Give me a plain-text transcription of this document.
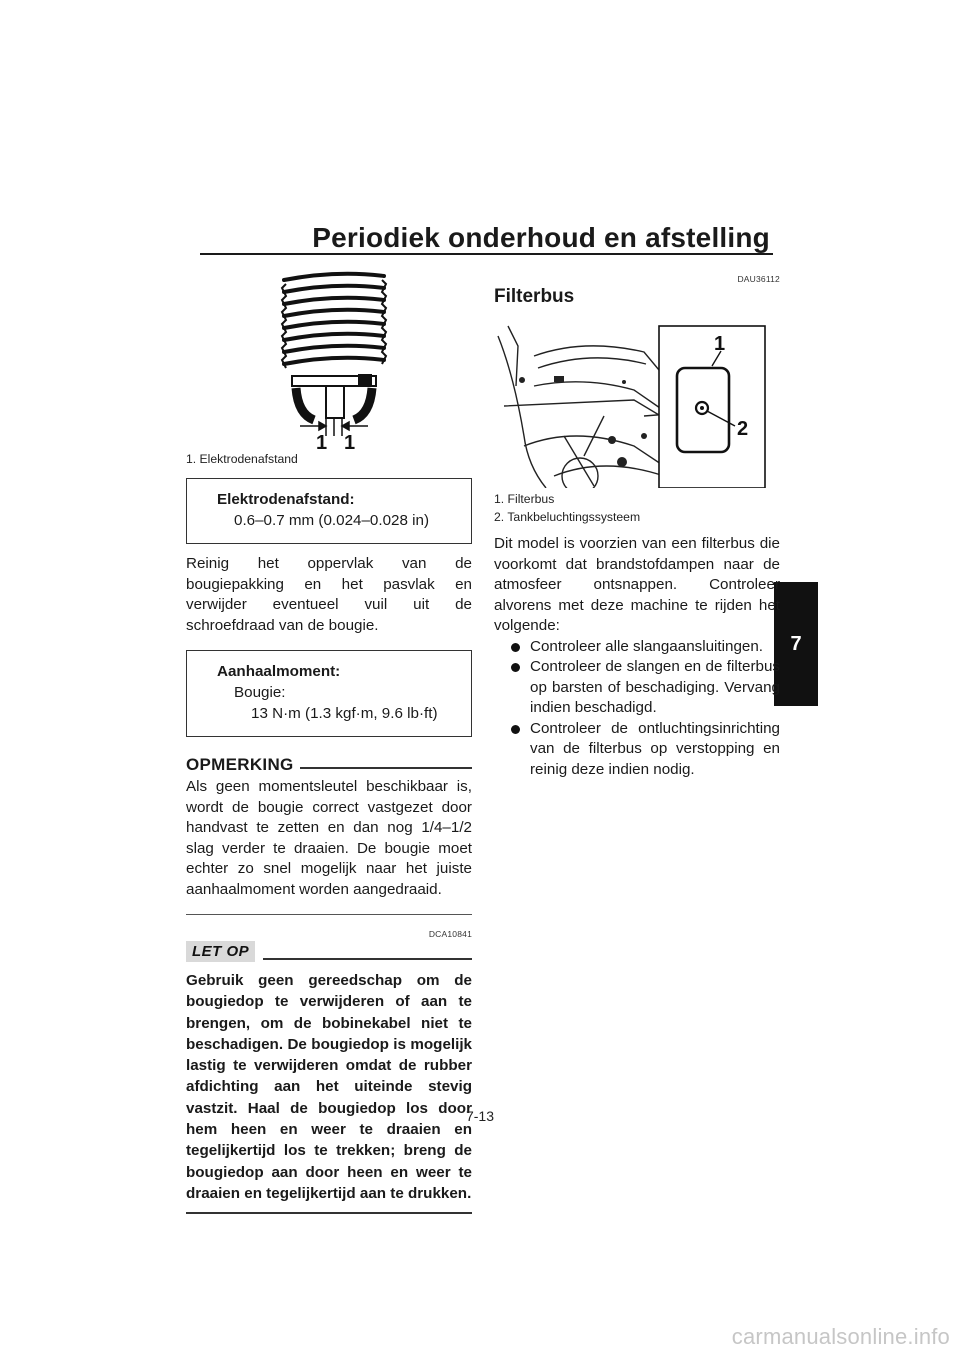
Periodiek onderhoud en afstelling
7
1 1
1. Elektrodenafstand
Elektrodenafstand:
0.6–0.7 mm (0.024–0.028 in)
Reinig het oppervlak van de bougiepakking en het pasvlak en verwijder eventueel vuil uit de schroefdraad van de bougie.
Aanhaalmoment:
Bougie:
13 N·m (1.3 kgf·m, 9.6 lb·ft)
OPMERKING
Als geen momentsleutel beschikbaar is, wordt de bougie correct vastgezet door handvast te zetten en dan nog 1/4–1/2 slag verder te draaien. De bougie moet echter zo snel mogelijk naar het juiste aanhaalmoment worden aangedraaid.
DCA10841
LET OP
Gebruik geen gereedschap om de bougiedop te verwijderen of aan te brengen, om de bobinekabel niet te beschadigen. De bougiedop is mogelijk lastig te verwijderen omdat de rubber afdichting aan het uiteinde stevig vastzit. Haal de bougiedop los door hem heen en weer te draaien en tegelijkertijd los te trekken; breng de bougiedop aan door heen en weer te draaien en tegelijkertijd aan te drukken.
DAU36112
Filterbus
1
2
1. Filterbus
2. Tankbeluchtingssysteem
Dit model is voorzien van een filterbus die voorkomt dat brandstofdampen naar de atmosfeer ontsnappen. Controleer alvorens met deze machine te rijden het volgende:
Controleer alle slangaansluitingen.
Controleer de slangen en de filterbus op barsten of beschadiging. Vervang indien beschadigd.
Controleer de ontluchtingsinrichting van de filterbus op verstopping en reinig deze indien nodig.
7-13
carmanualsonline.info
